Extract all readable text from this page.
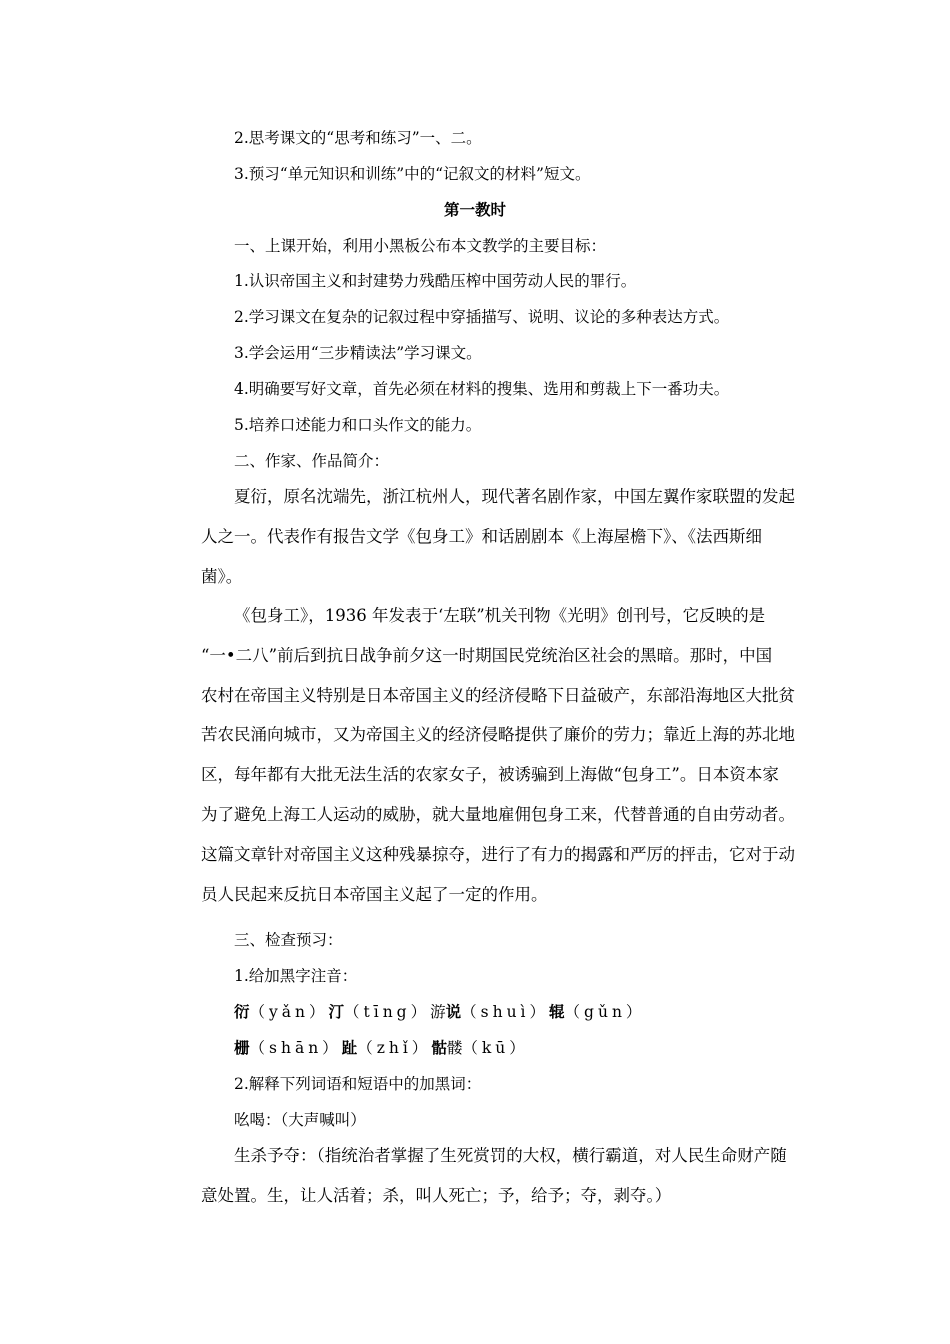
2.思考课文的“思考和练习”一、二。
3.预习“单元知识和训练”中的“记叙文的材料”短文。
第一教时
一、上课开始，利用小黑板公布本文教学的主要目标：
1.认识帝国主义和封建势力残酷压榨中国劳动人民的罪行。
2.学习课文在复杂的记叙过程中穿插描写、说明、议论的多种表达方式。
3.学会运用“三步精读法”学习课文。
4.明确要写好文章，首先必须在材料的搜集、选用和剪裁上下一番功夫。
5.培养口述能力和口头作文的能力。
二、作家、作品简介：
夏衍，原名沈端先，浙江杭州人，现代著名剧作家，中国左翼作家联盟的发起
人之一。代表作有报告文学《包身工》和话剧剧本《上海屋檐下》、《法西斯细
菌》。
《包身工》，1936 年发表于‘左联”机关刊物《光明》创刊号，它反映的是
“一•二八”前后到抗日战争前夕这一时期国民党统治区社会的黑暗。那时，中国
农村在帝国主义特别是日本帝国主义的经济侵略下日益破产，东部沿海地区大批贫
苦农民涌向城市，又为帝国主义的经济侵略提供了廉价的劳力；靠近上海的苏北地
区，每年都有大批无法生活的农家女子，被诱骗到上海做“包身工”。日本资本家
为了避免上海工人运动的威胁，就大量地雇佣包身工来，代替普通的自由劳动者。
这篇文章针对帝国主义这种残暴掠夺，进行了有力的揭露和严厉的抨击，它对于动
员人民起来反抗日本帝国主义起了一定的作用。
三、检查预习：
1.给加黑字注音：
衍（yǎn）汀（tīng）游说（shuì）辊（gǔn）
栅（shān）趾（zhǐ）骷髅（kū）
2.解释下列词语和短语中的加黑词：
吆喝：（大声喊叫）
生杀予夺：（指统治者掌握了生死赏罚的大权，横行霸道，对人民生命财产随
意处置。生，让人活着；杀，叫人死亡；予，给予；夺，剥夺。）
